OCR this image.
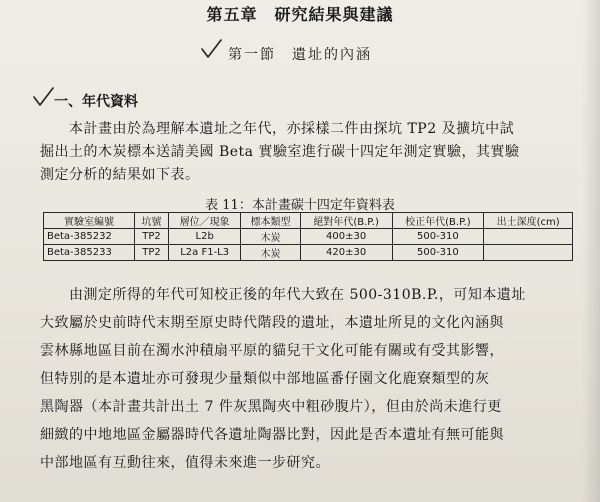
第五章　研究結果與建議
第一節　遺址的內涵
一、年代資料
　　本計畫由於為理解本遺址之年代，亦採樣二件由探坑 TP2 及擴坑中試
掘出土的木炭標本送請美國 Beta 實驗室進行碳十四定年測定實驗，其實驗
測定分析的結果如下表。
表 11：本計畫碳十四定年資料表
實驗室編號	坑號	層位／現象	標本類型	絕對年代(B.P.)	校正年代(B.P.)	出土深度(cm)
Beta-385232	TP2	L2b	木炭	400±30	500-310	
Beta-385233	TP2	L2a F1-L3	木炭	420±30	500-310	
　　由測定所得的年代可知校正後的年代大致在 500-310B.P.，可知本遺址
大致屬於史前時代末期至原史時代階段的遺址，本遺址所見的文化內涵與
雲林縣地區目前在濁水沖積扇平原的貓兒干文化可能有關或有受其影響，
但特別的是本遺址亦可發現少量類似中部地區番仔園文化鹿寮類型的灰
黑陶器（本計畫共計出土 7 件灰黑陶夾中粗砂腹片），但由於尚未進行更
細緻的中地地區金屬器時代各遺址陶器比對，因此是否本遺址有無可能與
中部地區有互動往來，值得未來進一步研究。
